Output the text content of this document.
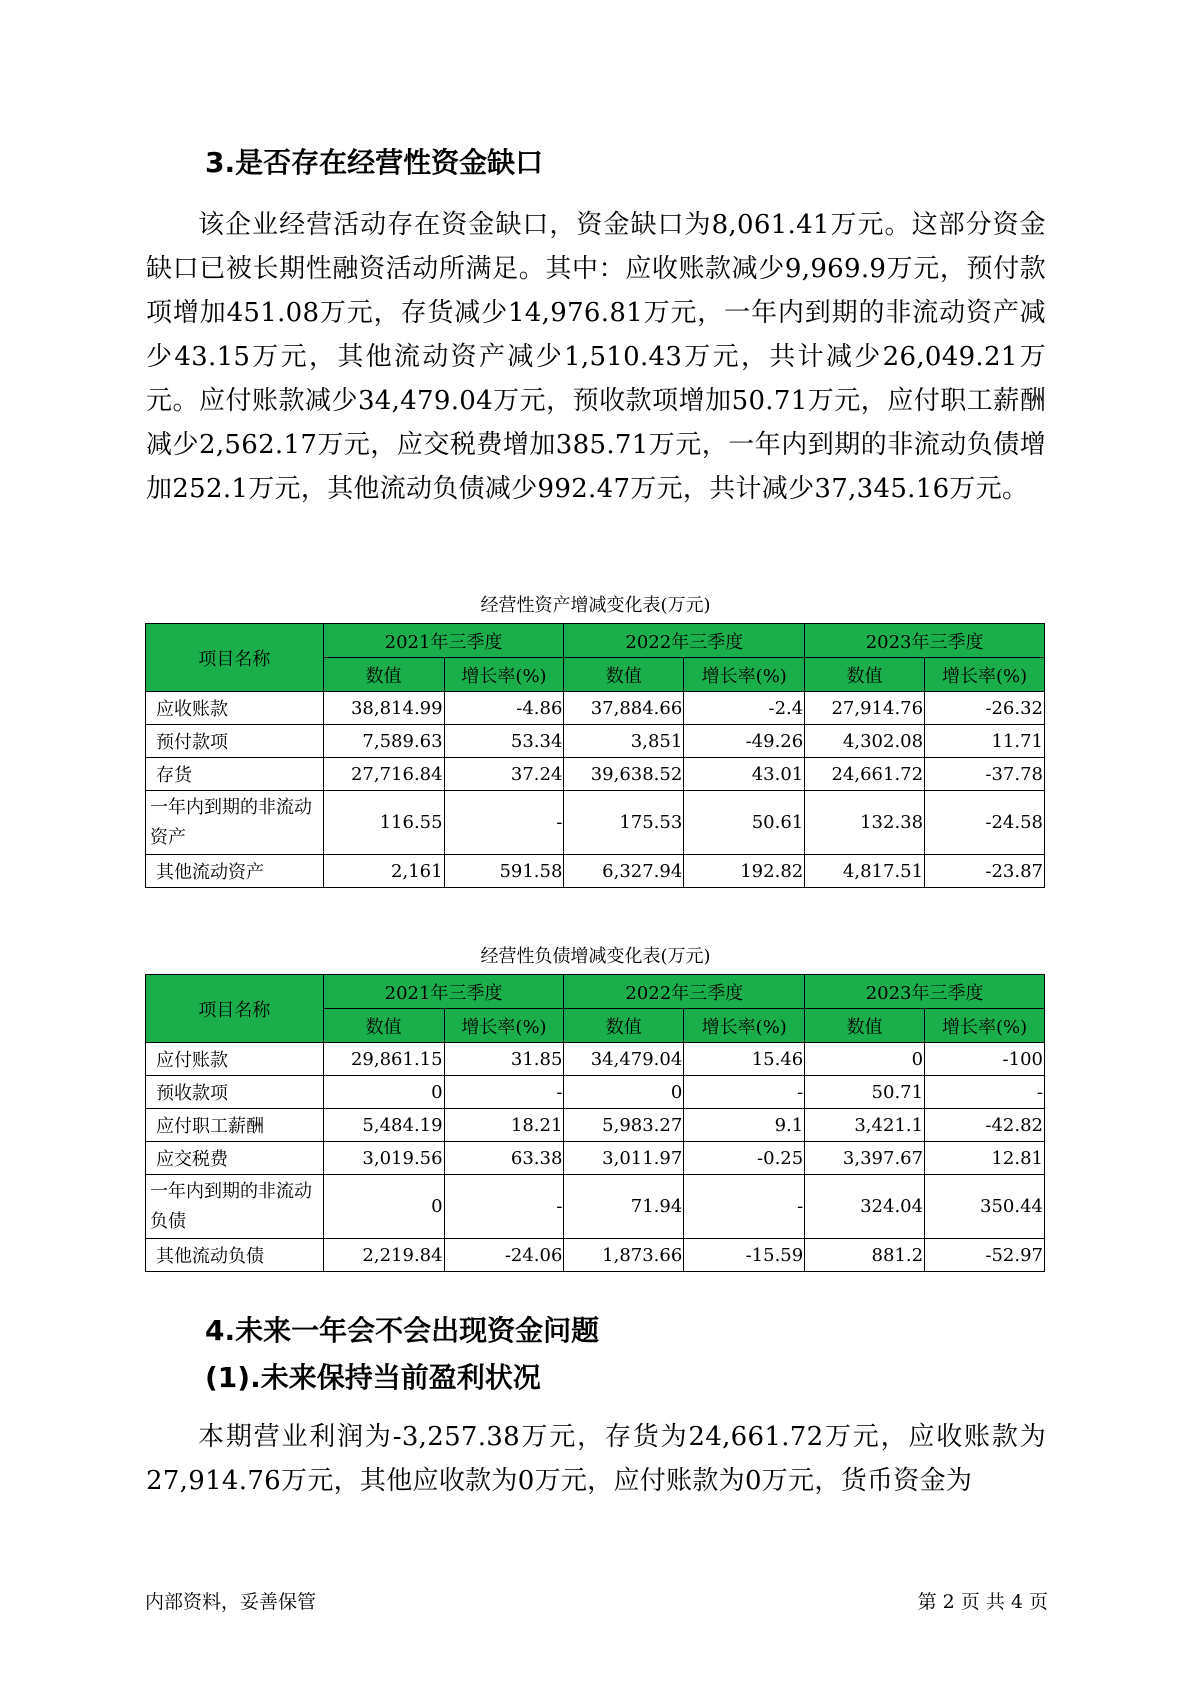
3.是否存在经营性资金缺口
该企业经营活动存在资金缺口，资金缺口为8,061.41万元。这部分资金缺口已被长期性融资活动所满足。其中：应收账款减少9,969.9万元，预付款项增加451.08万元，存货减少14,976.81万元，一年内到期的非流动资产减少43.15万元，其他流动资产减少1,510.43万元，共计减少26,049.21万元。应付账款减少34,479.04万元，预收款项增加50.71万元，应付职工薪酬减少2,562.17万元，应交税费增加385.71万元，一年内到期的非流动负债增加252.1万元，其他流动负债减少992.47万元，共计减少37,345.16万元。
经营性资产增减变化表(万元)
项目名称	2021年三季度		2022年三季度		2023年三季度	
	数值	增长率(%)	数值	增长率(%)	数值	增长率(%)
应收账款	38,814.99	-4.86	37,884.66	-2.4	27,914.76	-26.32
预付款项	7,589.63	53.34	3,851	-49.26	4,302.08	11.71
存货	27,716.84	37.24	39,638.52	43.01	24,661.72	-37.78
一年内到期的非流动资产	116.55	-	175.53	50.61	132.38	-24.58
其他流动资产	2,161	591.58	6,327.94	192.82	4,817.51	-23.87
经营性负债增减变化表(万元)
项目名称	2021年三季度		2022年三季度		2023年三季度	
	数值	增长率(%)	数值	增长率(%)	数值	增长率(%)
应付账款	29,861.15	31.85	34,479.04	15.46	0	-100
预收款项	0	-	0	-	50.71	-
应付职工薪酬	5,484.19	18.21	5,983.27	9.1	3,421.1	-42.82
应交税费	3,019.56	63.38	3,011.97	-0.25	3,397.67	12.81
一年内到期的非流动负债	0	-	71.94	-	324.04	350.44
其他流动负债	2,219.84	-24.06	1,873.66	-15.59	881.2	-52.97
4.未来一年会不会出现资金问题
(1).未来保持当前盈利状况
本期营业利润为-3,257.38万元，存货为24,661.72万元，应收账款为27,914.76万元，其他应收款为0万元，应付账款为0万元，货币资金为
内部资料，妥善保管	第 2 页 共 4 页
